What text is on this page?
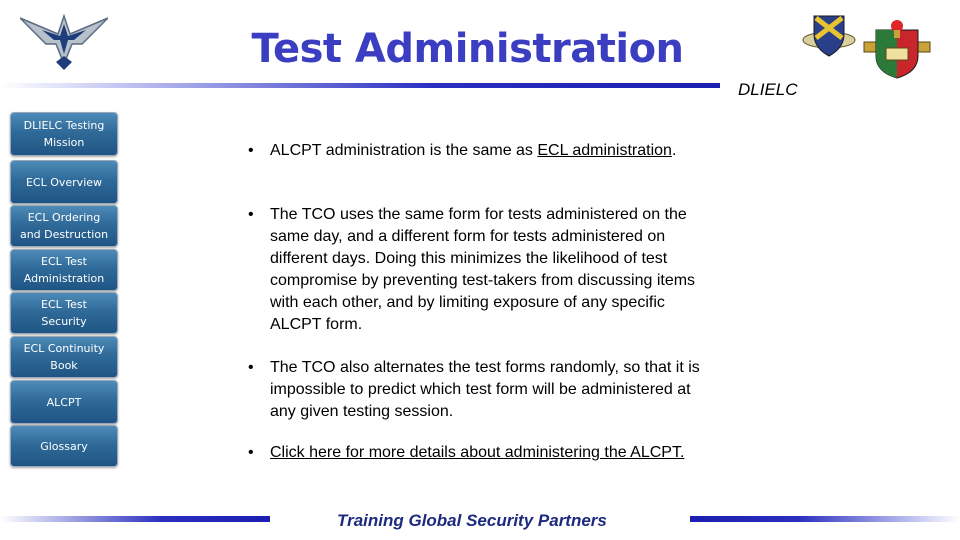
Test Administration
DLIELC
DLIELC Testing
Mission
ECL Overview
ECL Ordering
and Destruction
ECL Test
Administration
ECL Test
Security
ECL Continuity
Book
ALCPT
Glossary
• ALCPT administration is the same as ECL administration.
• The TCO uses the same form for tests administered on the same day, and a different form for tests administered on different days. Doing this minimizes the likelihood of test compromise by preventing test-takers from discussing items with each other, and by limiting exposure of any specific ALCPT form.
• The TCO also alternates the test forms randomly, so that it is impossible to predict which test form will be administered at any given testing session.
• Click here for more details about administering the ALCPT.
Training Global Security Partners
